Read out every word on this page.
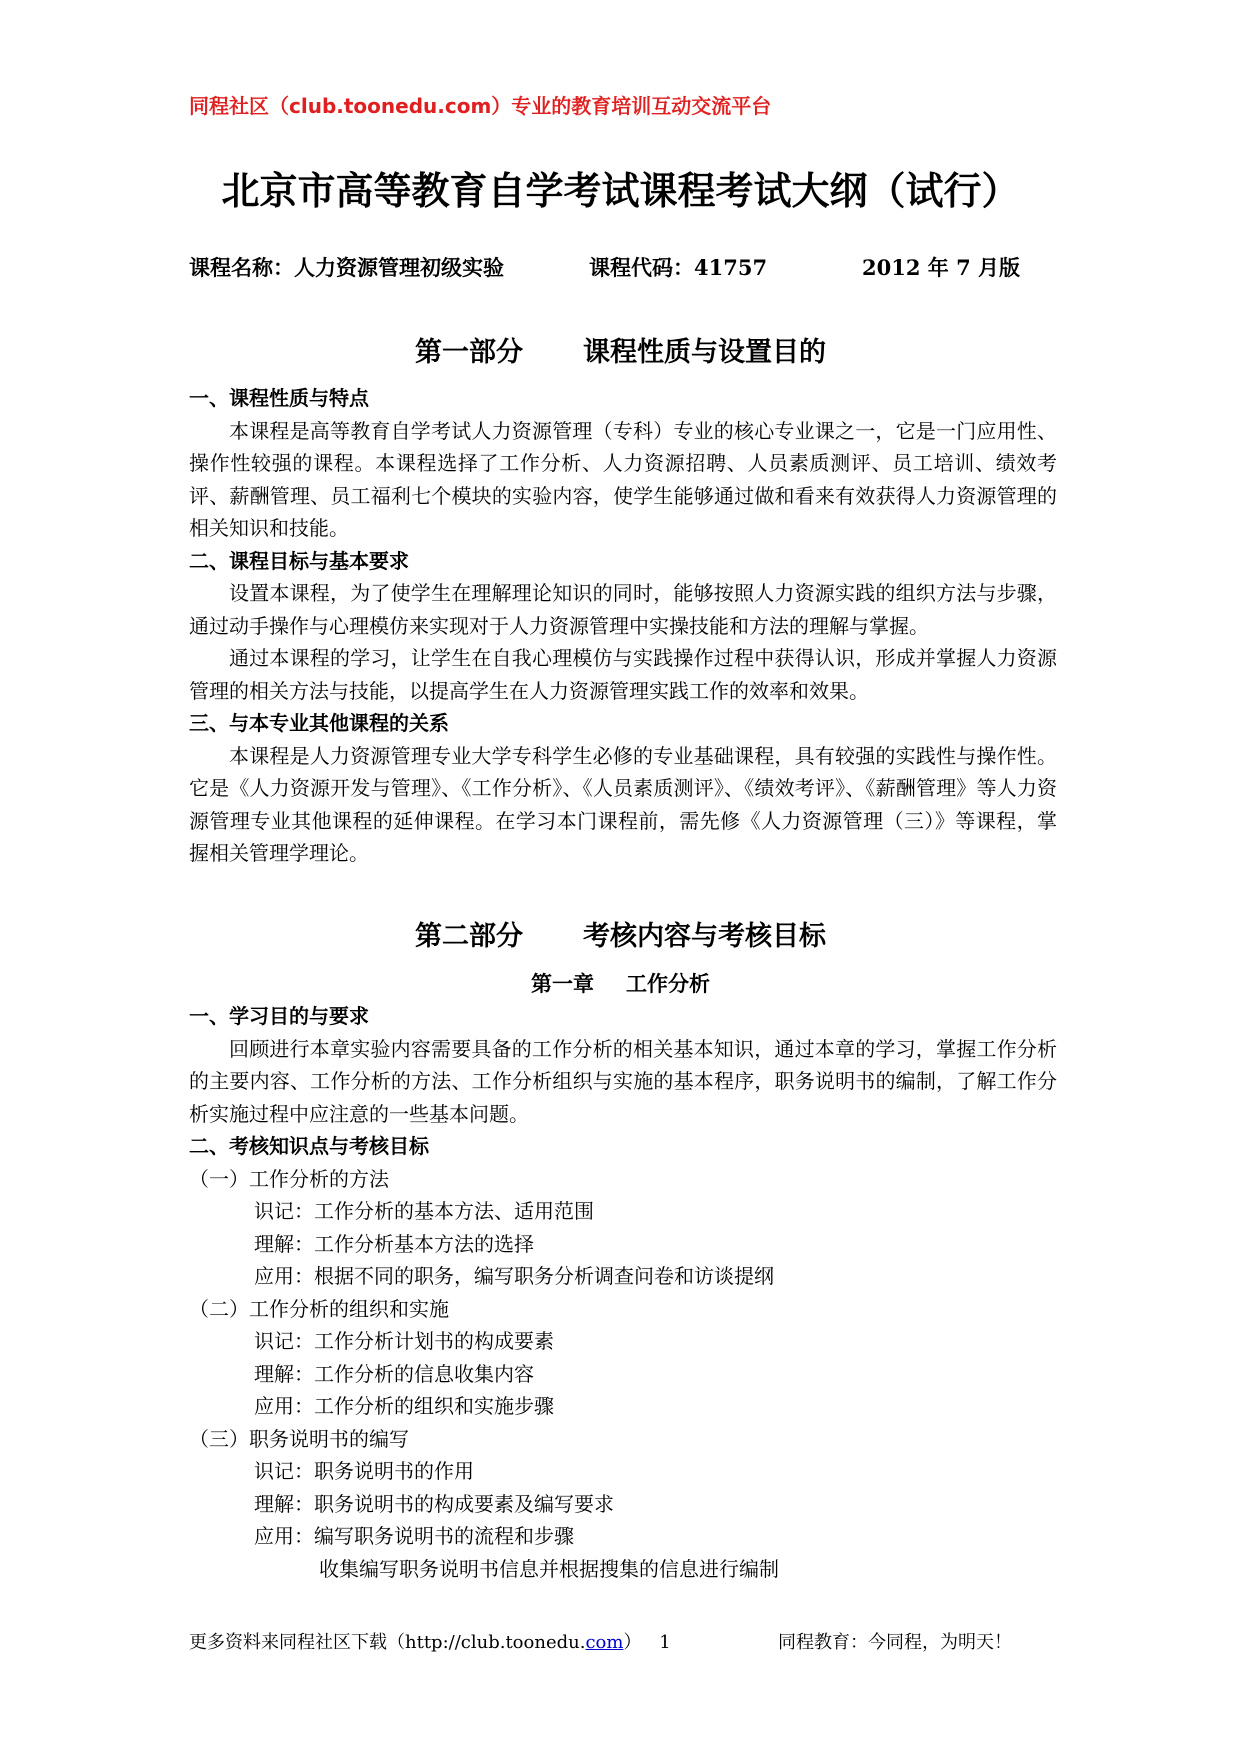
同程社区（club.toonedu.com）专业的教育培训互动交流平台
北京市高等教育自学考试课程考试大纲（试行）
课程名称：人力资源管理初级实验	课程代码：41757	2012 年 7 月版
第一部分 课程性质与设置目的
一、课程性质与特点
本课程是高等教育自学考试人力资源管理（专科）专业的核心专业课之一，它是一门应用性、操作性较强的课程。本课程选择了工作分析、人力资源招聘、人员素质测评、员工培训、绩效考评、薪酬管理、员工福利七个模块的实验内容，使学生能够通过做和看来有效获得人力资源管理的相关知识和技能。
二、课程目标与基本要求
设置本课程，为了使学生在理解理论知识的同时，能够按照人力资源实践的组织方法与步骤，通过动手操作与心理模仿来实现对于人力资源管理中实操技能和方法的理解与掌握。
通过本课程的学习，让学生在自我心理模仿与实践操作过程中获得认识，形成并掌握人力资源管理的相关方法与技能，以提高学生在人力资源管理实践工作的效率和效果。
三、与本专业其他课程的关系
本课程是人力资源管理专业大学专科学生必修的专业基础课程，具有较强的实践性与操作性。它是《人力资源开发与管理》、《工作分析》、《人员素质测评》、《绩效考评》、《薪酬管理》等人力资源管理专业其他课程的延伸课程。在学习本门课程前，需先修《人力资源管理（三）》等课程，掌握相关管理学理论。
第二部分 考核内容与考核目标
第一章 工作分析
一、学习目的与要求
回顾进行本章实验内容需要具备的工作分析的相关基本知识，通过本章的学习，掌握工作分析的主要内容、工作分析的方法、工作分析组织与实施的基本程序，职务说明书的编制，了解工作分析实施过程中应注意的一些基本问题。
二、考核知识点与考核目标
（一）工作分析的方法
识记：工作分析的基本方法、适用范围
理解：工作分析基本方法的选择
应用：根据不同的职务，编写职务分析调查问卷和访谈提纲
（二）工作分析的组织和实施
识记：工作分析计划书的构成要素
理解：工作分析的信息收集内容
应用：工作分析的组织和实施步骤
（三）职务说明书的编写
识记：职务说明书的作用
理解：职务说明书的构成要素及编写要求
应用：编写职务说明书的流程和步骤
收集编写职务说明书信息并根据搜集的信息进行编制
更多资料来同程社区下载（http://club.toonedu.com） 1	同程教育：今同程，为明天！
